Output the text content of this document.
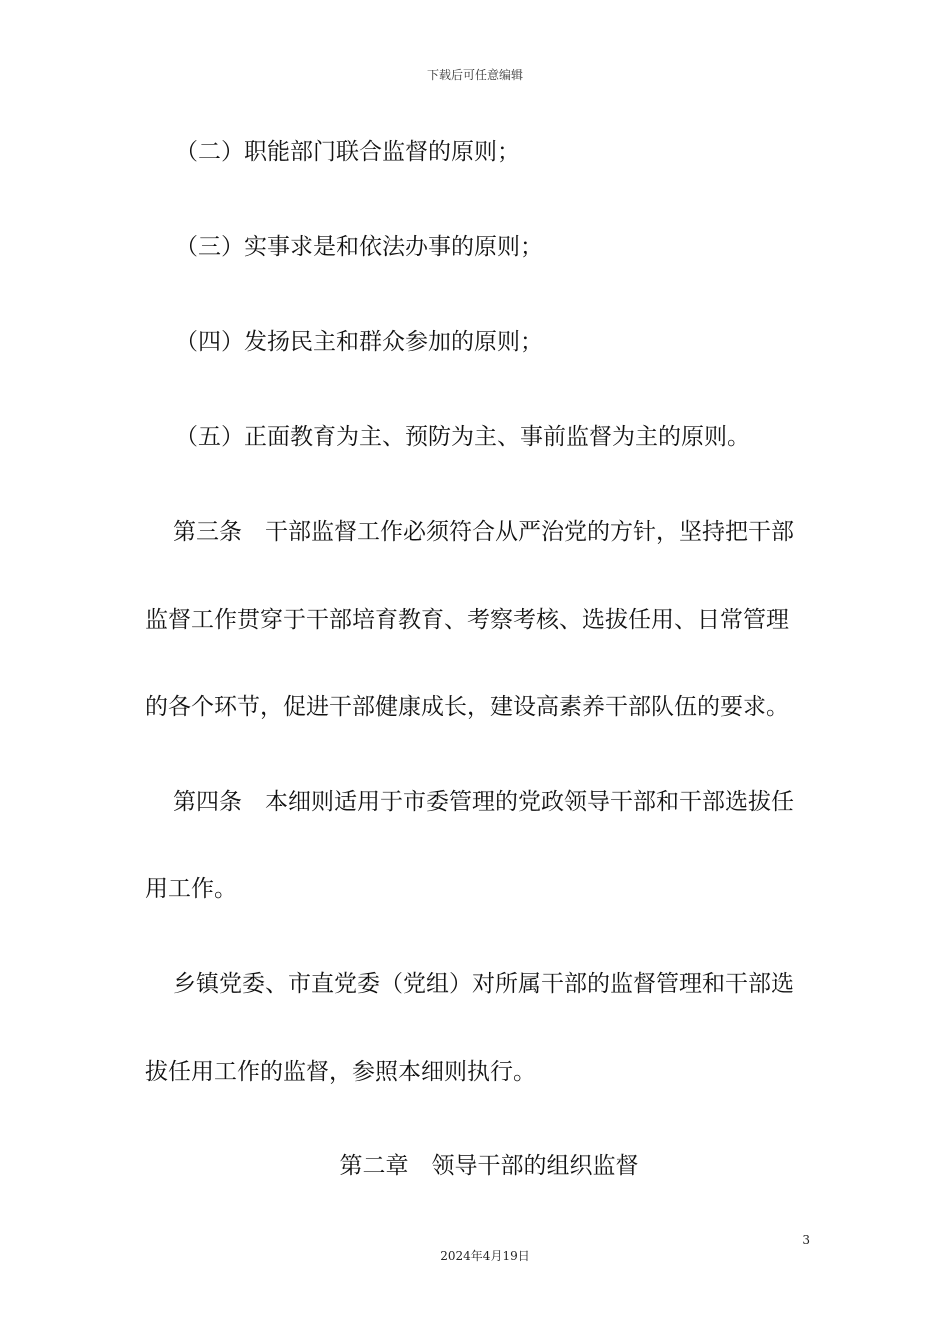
下载后可任意编辑
（二）职能部门联合监督的原则；
（三）实事求是和依法办事的原则；
（四）发扬民主和群众参加的原则；
（五）正面教育为主、预防为主、事前监督为主的原则。
第三条　干部监督工作必须符合从严治党的方针，坚持把干部
监督工作贯穿于干部培育教育、考察考核、选拔任用、日常管理
的各个环节，促进干部健康成长，建设高素养干部队伍的要求。
第四条　本细则适用于市委管理的党政领导干部和干部选拔任
用工作。
乡镇党委、市直党委（党组）对所属干部的监督管理和干部选
拔任用工作的监督，参照本细则执行。
第二章　领导干部的组织监督
3
2024年4月19日
